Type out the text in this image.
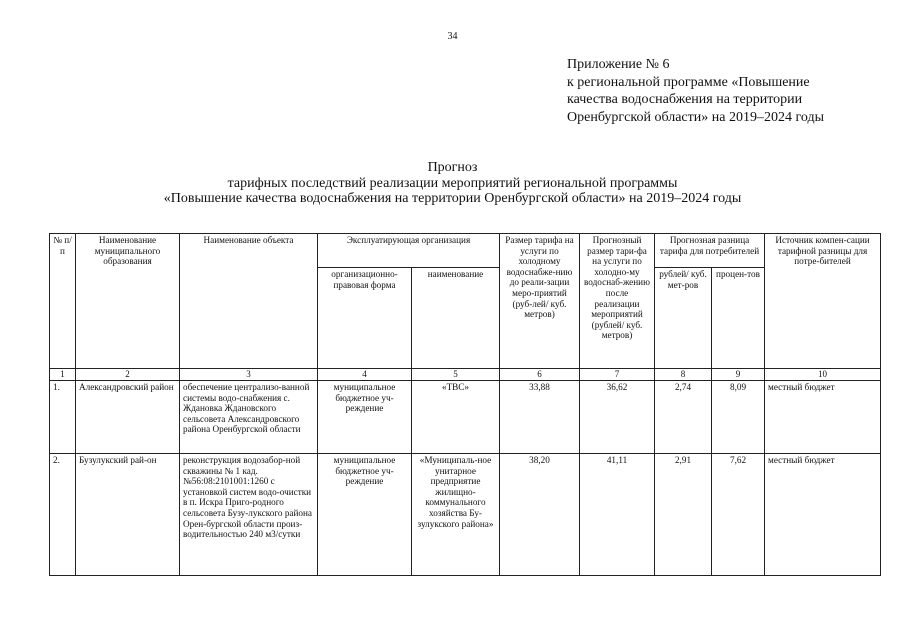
34
Приложение № 6
к региональной программе «Повышение
качества водоснабжения на территории
Оренбургской области» на 2019–2024 годы
Прогноз
тарифных последствий реализации мероприятий региональной программы
«Повышение качества водоснабжения на территории Оренбургской области» на 2019–2024 годы
№ п/п	Наименование муниципального образования	Наименование объекта	Эксплуатирующая организация		Размер тарифа на услуги по холодному водоснабже-нию до реали-зации меро-приятий (руб-лей/ куб. метров)	Прогнозный размер тари-фа на услуги по холодно-му водоснаб-жению после реализации мероприятий (рублей/ куб. метров)	Прогнозная разница тарифа для потребителей		Источник компен-сации тарифной разницы для потре-бителей
			организационно-правовая форма	наименование			рублей/ куб. мет-ров	процен-тов	
1	2	3	4	5	6	7	8	9	10
1.	Александровский район	обеспечение централизо-ванной системы водо-снабжения с. Ждановка Ждановского сельсовета Александровского района Оренбургской области	муниципальное бюджетное уч-реждение	«ТВС»	33,88	36,62	2,74	8,09	местный бюджет
2.	Бузулукский рай-он	реконструкция водозабор-ной скважины № 1 кад.№56:08:2101001:1260 с установкой систем водо-очистки в п. Искра Приго-родного сельсовета Бузу-лукского района Орен-бургской области произ-водительностью 240 м3/сутки	муниципальное бюджетное уч-реждение	«Муниципаль-ное унитарное предприятие жилищно-коммунального хозяйства Бу-зулукского района»	38,20	41,11	2,91	7,62	местный бюджет
